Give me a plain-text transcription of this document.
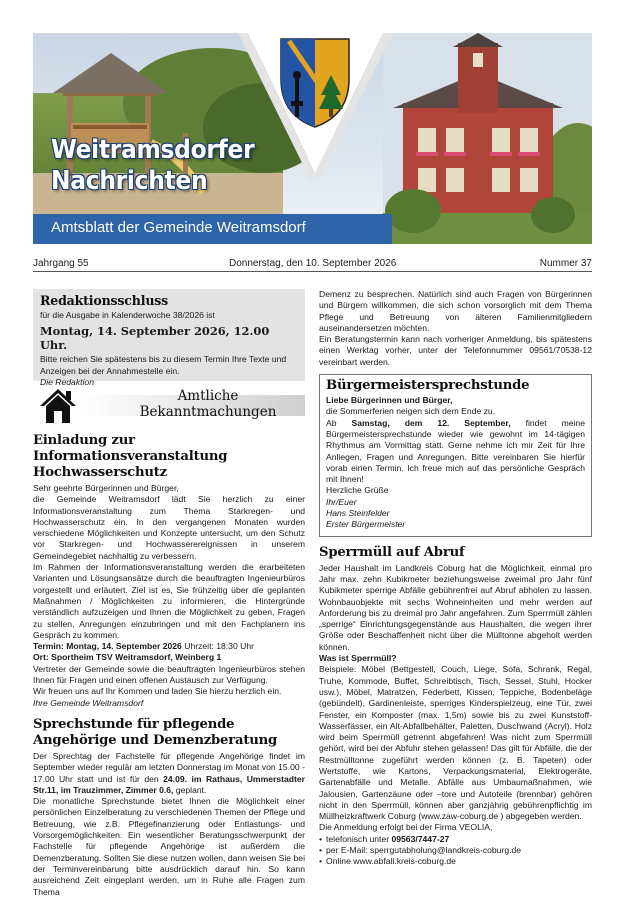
Weitramsdorfer
Nachrichten
Amtsblatt der Gemeinde Weitramsdorf
Jahrgang 55	Donnerstag, den 10. September 2026	Nummer 37
Redaktionsschluss

für die Ausgabe in Kalenderwoche 38/2026 ist

Montag, 14. September 2026, 12.00 Uhr.

Bitte reichen Sie spätestens bis zu diesem Termin Ihre Texte und Anzeigen bei der Annahmestelle ein.

Die Redaktion

Amtliche
Bekanntmachungen
Einladung zur Informationsveranstaltung Hochwasserschutz

Sehr geehrte Bürgerinnen und Bürger,

die Gemeinde Weitramsdorf lädt Sie herzlich zu einer Informationsveranstaltung zum Thema Starkregen- und Hochwasserschutz ein. In den vergangenen Monaten wurden verschiedene Möglichkeiten und Konzepte untersucht, um den Schutz vor Starkregen- und Hochwasserereignissen in unserem Gemeindegebiet nachhaltig zu verbessern.

Im Rahmen der Informationsveranstaltung werden die erarbeiteten Varianten und Lösungsansätze durch die beauftragten Ingenieurbüros vorgestellt und erläutert. Ziel ist es, Sie frühzeitig über die geplanten Maßnahmen / Möglichkeiten zu informieren, die Hintergründe verständlich aufzuzeigen und Ihnen die Möglichkeit zu geben, Fragen zu stellen, Anregungen einzubringen und mit den Fachplanern ins Gespräch zu kommen.

Termin: Montag, 14. September 2026 Uhrzeit: 18:30 Uhr

Ort: Sportheim TSV Weitramsdorf, Weinberg 1

Vertreter der Gemeinde sowie die beauftragten Ingenieurbüros stehen Ihnen für Fragen und einen offenen Austausch zur Verfügung.

Wir freuen uns auf Ihr Kommen und laden Sie hierzu herzlich ein.

Ihre Gemeinde Weitramsdorf

Sprechstunde für pflegende Angehörige und Demenzberatung

Der Sprechtag der Fachstelle für pflegende Angehörige findet im September wieder regulär am letzten Donnerstag im Monat von 15.00 - 17.00 Uhr statt und ist für den 24.09. im Rathaus, Ummerstadter Str.11, im Trauzimmer, Zimmer 0.6, geplant.

Die monatliche Sprechstunde bietet Ihnen die Möglichkeit einer persönlichen Einzelberatung zu verschiedenen Themen der Pflege und Betreuung, wie z.B. Pflegefinanzierung oder Entlastungs- und Vorsorgemöglichkeiten. Ein wesentlicher Beratungsschwerpunkt der Fachstelle für pflegende Angehörige ist außerdem die Demenzberatung. Sollten Sie diese nutzen wollen, dann weisen Sie bei der Terminvereinbarung bitte ausdrücklich darauf hin. So kann ausreichend Zeit eingeplant werden, um in Ruhe alle Fragen zum Thema

Demenz zu besprechen. Natürlich sind auch Fragen von Bürgerinnen und Bürgern willkommen, die sich schon vorsorglich mit dem Thema Pflege und Betreuung von älteren Familienmitgliedern auseinandersetzen möchten.

Ein Beratungstermin kann nach vorheriger Anmeldung, bis spätestens einen Werktag vorher, unter der Telefonnummer 09561/70538-12 vereinbart werden.

Bürgermeistersprechstunde

Liebe Bürgerinnen und Bürger,

die Sommerferien neigen sich dem Ende zu.

Ab Samstag, dem 12. September, findet meine Bürgermeistersprechstunde wieder wie gewohnt im 14-tägigen Rhythmus am Vormittag statt. Gerne nehme ich mir Zeit für Ihre Anliegen, Fragen und Anregungen. Bitte vereinbaren Sie hierfür vorab einen Termin. Ich freue mich auf das persönliche Gespräch mit Ihnen!

Herzliche Grüße

Ihr/Euer

Hans Steinfelder

Erster Bürgermeister

Sperrmüll auf Abruf

Jeder Haushalt im Landkreis Coburg hat die Möglichkeit, einmal pro Jahr max. zehn Kubikmeter beziehungsweise zweimal pro Jahr fünf Kubikmeter sperrige Abfälle gebührenfrei auf Abruf abholen zu lassen. Wohnbauobjekte mit sechs Wohneinheiten und mehr werden auf Anforderung bis zu dreimal pro Jahr angefahren. Zum Sperrmüll zählen „sperrige“ Einrichtungsgegenstände aus Haushalten, die wegen ihrer Größe oder Beschaffenheit nicht über die Mülltonne abgeholt werden können.

Was ist Sperrmüll?

Beispiele: Möbel (Bettgestell, Couch, Liege, Sofa, Schrank, Regal, Truhe, Kommode, Buffet, Schreibtisch, Tisch, Sessel, Stuhl, Hocker usw.), Möbel, Matratzen, Federbett, Kissen, Teppiche, Bodenbeläge (gebündelt), Gardinenleiste, sperriges Kinderspielzeug, eine Tür, zwei Fenster, ein Komposter (max. 1,5m) sowie bis zu zwei Kunststoff-Wasserfässer, ein Alt-Abfallbehälter, Paletten, Duschwand (Acryl). Holz wird beim Sperrmüll getrennt abgefahren! Was nicht zum Sperrmüll gehört, wird bei der Abfuhr stehen gelassen! Das gilt für Abfälle, die der Restmülltonne zugeführt werden können (z. B. Tapeten) oder Wertstoffe, wie Kartons, Verpackungsmaterial, Elektrogeräte, Gartenabfälle und Metalle. Abfälle aus Umbaumaßnahmen, wie Jalousien, Gartenzäune oder –tore und Autoteile (brennbar) gehören nicht in den Sperrmüll, können aber ganzjährig gebührenpflichtig im Müllheizkraftwerk Coburg (www.zaw-coburg.de ) abgegeben werden.

Die Anmeldung erfolgt bei der Firma VEOLIA,

• telefonisch unter 09563/7447-27
• per E-Mail: sperrgutabholung@landkreis-coburg.de
• Online www.abfall.kreis-coburg.de
